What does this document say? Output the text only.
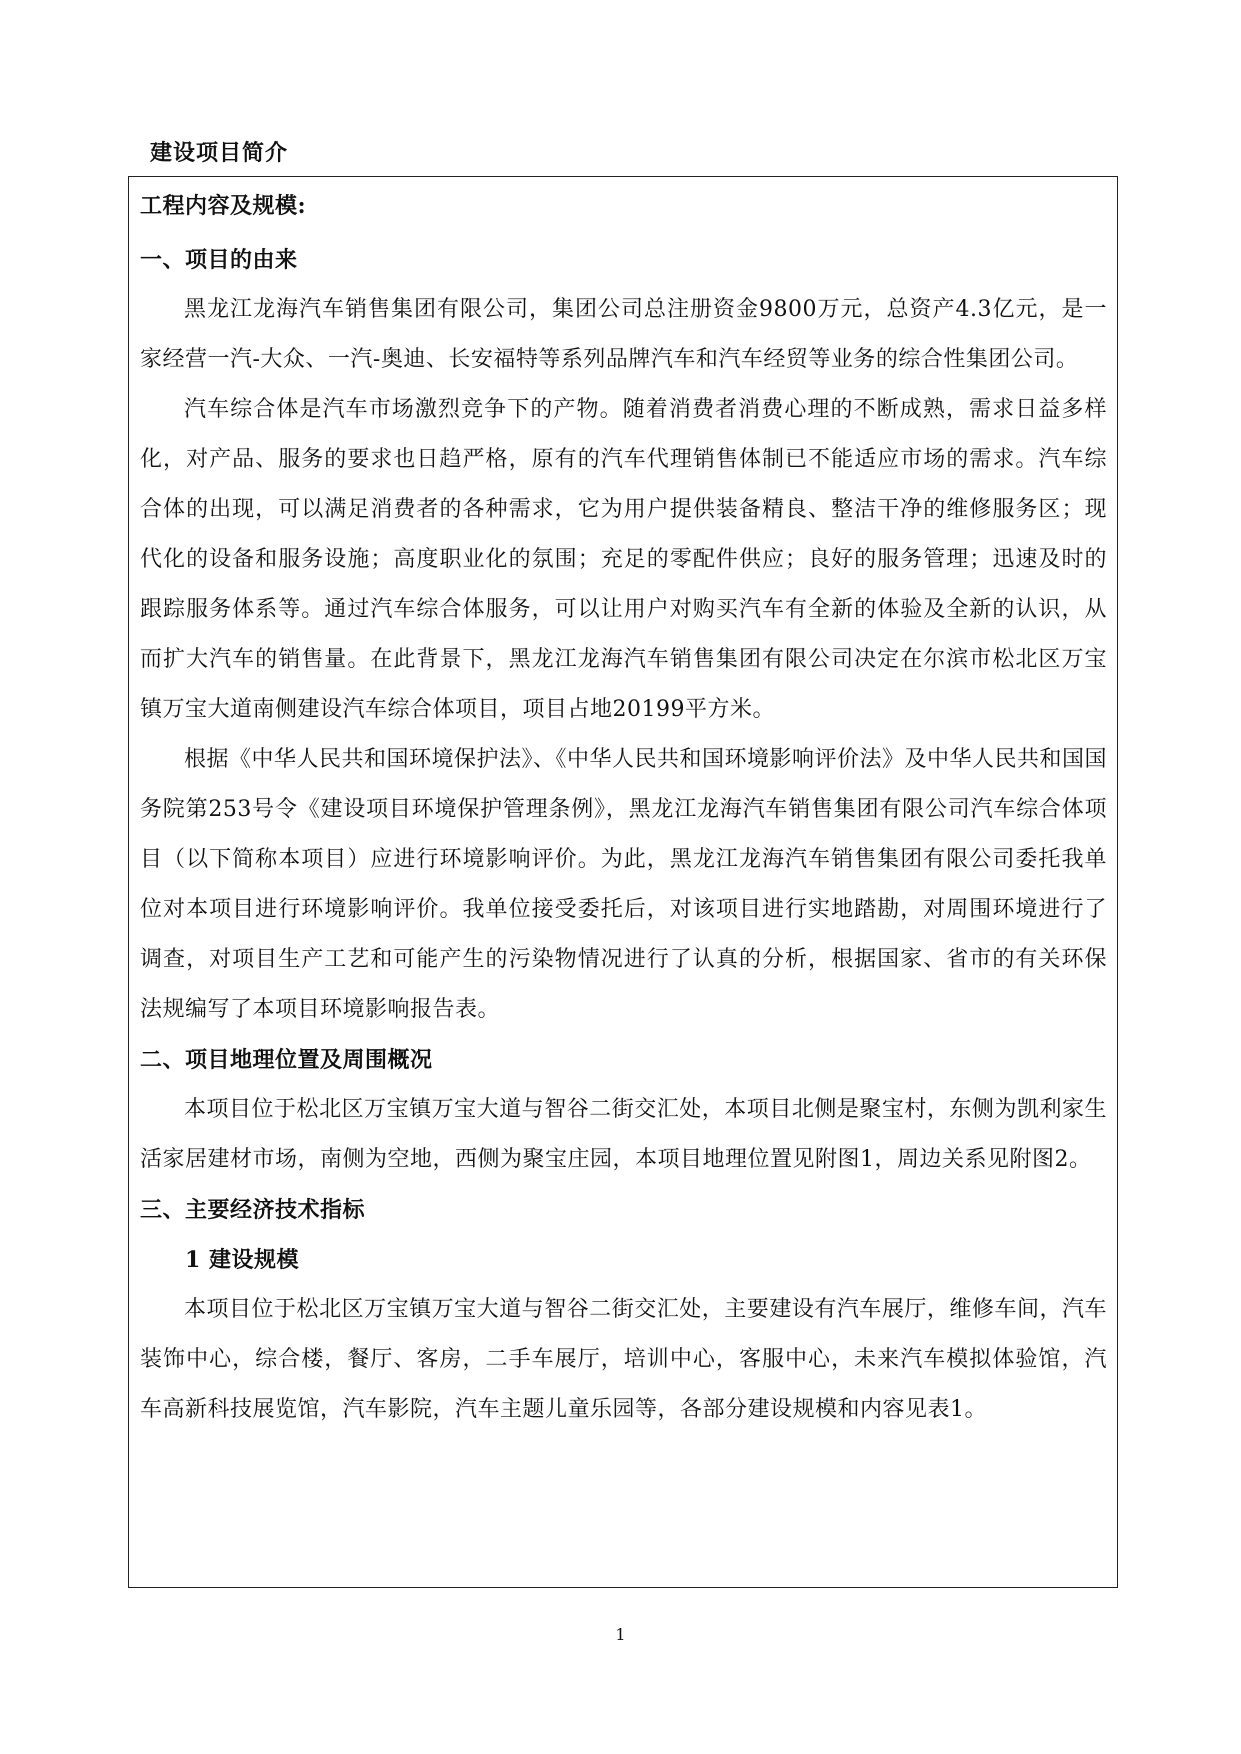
建设项目简介
工程内容及规模:
一、项目的由来

黑龙江龙海汽车销售集团有限公司，集团公司总注册资金9800万元，总资产4.3亿元，是一家经营一汽-大众、一汽-奥迪、长安福特等系列品牌汽车和汽车经贸等业务的综合性集团公司。

汽车综合体是汽车市场激烈竞争下的产物。随着消费者消费心理的不断成熟，需求日益多样化，对产品、服务的要求也日趋严格，原有的汽车代理销售体制已不能适应市场的需求。汽车综合体的出现，可以满足消费者的各种需求，它为用户提供装备精良、整洁干净的维修服务区；现代化的设备和服务设施；高度职业化的氛围；充足的零配件供应；良好的服务管理；迅速及时的跟踪服务体系等。通过汽车综合体服务，可以让用户对购买汽车有全新的体验及全新的认识，从而扩大汽车的销售量。在此背景下，黑龙江龙海汽车销售集团有限公司决定在尔滨市松北区万宝镇万宝大道南侧建设汽车综合体项目，项目占地20199平方米。

根据《中华人民共和国环境保护法》、《中华人民共和国环境影响评价法》及中华人民共和国国务院第253号令《建设项目环境保护管理条例》，黑龙江龙海汽车销售集团有限公司汽车综合体项目（以下简称本项目）应进行环境影响评价。为此，黑龙江龙海汽车销售集团有限公司委托我单位对本项目进行环境影响评价。我单位接受委托后，对该项目进行实地踏勘，对周围环境进行了调查，对项目生产工艺和可能产生的污染物情况进行了认真的分析，根据国家、省市的有关环保法规编写了本项目环境影响报告表。

二、项目地理位置及周围概况

本项目位于松北区万宝镇万宝大道与智谷二街交汇处，本项目北侧是聚宝村，东侧为凯利家生活家居建材市场，南侧为空地，西侧为聚宝庄园，本项目地理位置见附图1，周边关系见附图2。

三、主要经济技术指标
1 建设规模

本项目位于松北区万宝镇万宝大道与智谷二街交汇处，主要建设有汽车展厅，维修车间，汽车装饰中心，综合楼，餐厅、客房，二手车展厅，培训中心，客服中心，未来汽车模拟体验馆，汽车高新科技展览馆，汽车影院，汽车主题儿童乐园等，各部分建设规模和内容见表1。

1
